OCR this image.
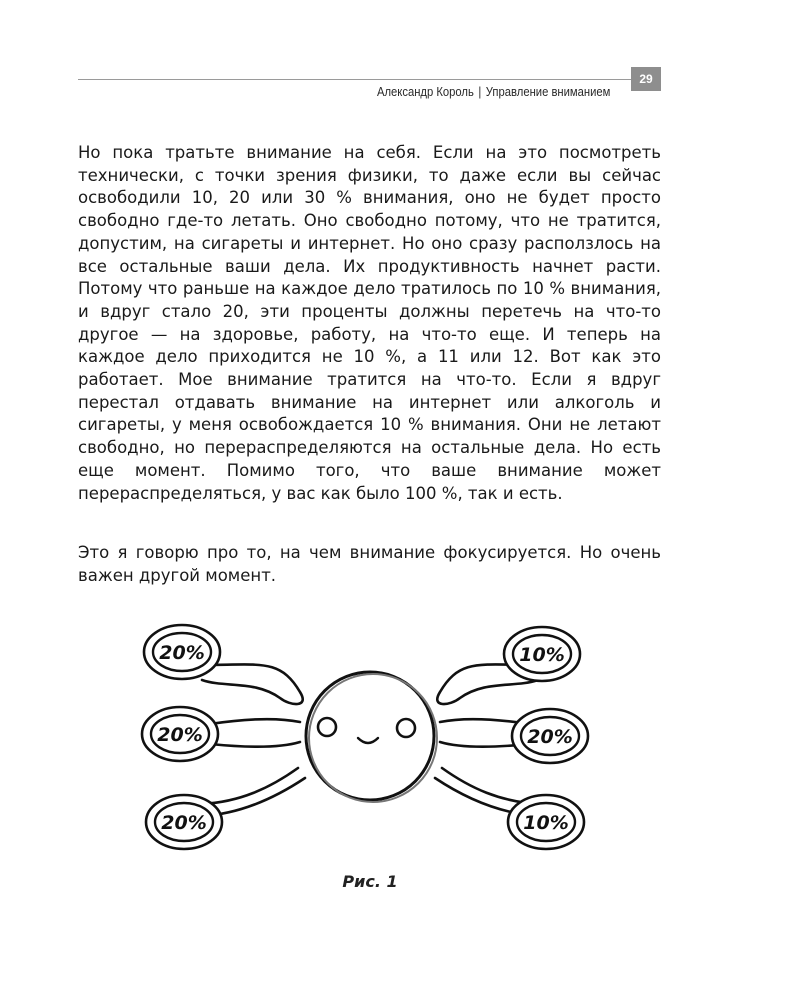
29
Александр Король | Управление вниманием

Но пока тратьте внимание на себя. Если на это посмотреть технически, с точки зрения физики, то даже если вы сейчас освободили 10, 20 или 30 % внимания, оно не будет просто свободно где-то летать. Оно свободно потому, что не тратится, допустим, на сигареты и интернет. Но оно сразу расползлось на все остальные ваши дела. Их продуктивность начнет расти. Потому что раньше на каждое дело тратилось по 10 % внимания, и вдруг стало 20, эти проценты должны перетечь на что-то другое — на здоровье, работу, на что-то еще. И теперь на каждое дело приходится не 10 %, а 11 или 12. Вот как это работает. Мое внимание тратится на что-то. Если я вдруг перестал отдавать внимание на интернет или алкоголь и сигареты, у меня освобождается 10 % внимания. Они не летают свободно, но перераспределяются на остальные дела. Но есть еще момент. Помимо того, что ваше внимание может перераспределяться, у вас как было 100 %, так и есть.

Это я говорю про то, на чем внимание фокусируется. Но очень важен другой момент.

20%
20%
20%
10%
20%
10%
Рис. 1
